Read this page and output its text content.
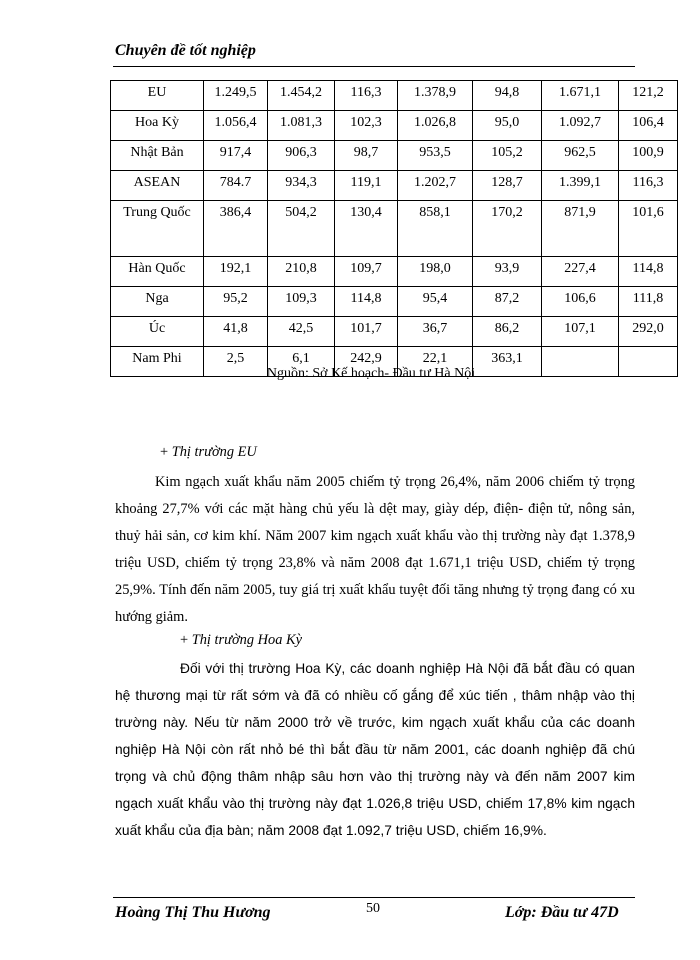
Chuyên đề tốt nghiệp
EU	1.249,5	1.454,2	116,3	1.378,9	94,8	1.671,1	121,2
Hoa Kỳ	1.056,4	1.081,3	102,3	1.026,8	95,0	1.092,7	106,4
Nhật Bản	917,4	906,3	98,7	953,5	105,2	962,5	100,9
ASEAN	784.7	934,3	119,1	1.202,7	128,7	1.399,1	116,3
Trung Quốc	386,4	504,2	130,4	858,1	170,2	871,9	101,6
Hàn Quốc	192,1	210,8	109,7	198,0	93,9	227,4	114,8
Nga	95,2	109,3	114,8	95,4	87,2	106,6	111,8
Úc	41,8	42,5	101,7	36,7	86,2	107,1	292,0
Nam Phi	2,5	6,1	242,9	22,1	363,1		
Nguồn: Sở Kế hoạch- Đầu tư Hà Nội
+ Thị trường EU
Kim ngạch xuất khẩu năm 2005 chiếm tỷ trọng 26,4%, năm 2006 chiếm tỷ trọng khoảng 27,7% với các mặt hàng chủ yếu là dệt may, giày dép, điện- điện tử, nông sản, thuỷ hải sản, cơ kim khí. Năm 2007 kim ngạch xuất khẩu vào thị trường này đạt 1.378,9 triệu USD, chiếm tỷ trọng 23,8% và năm 2008 đạt 1.671,1 triệu USD, chiếm tỷ trọng 25,9%. Tính đến năm 2005, tuy giá trị xuất khẩu tuyệt đối tăng nhưng tỷ trọng đang có xu hướng giảm.
+ Thị trường Hoa Kỳ
Đối với thị trường Hoa Kỳ, các doanh nghiệp Hà Nội đã bắt đầu có quan hệ thương mại từ rất sớm và đã có nhiều cố gắng để xúc tiến , thâm nhập vào thị trường này. Nếu từ năm 2000 trở về trước, kim ngạch xuất khẩu của các doanh nghiệp Hà Nội còn rất nhỏ bé thì bắt đầu từ năm 2001, các doanh nghiệp đã chú trọng và chủ động thâm nhập sâu hơn vào thị trường này và đến năm 2007 kim ngạch xuất khẩu vào thị trường này đạt 1.026,8 triệu USD, chiếm 17,8% kim ngạch xuất khẩu của địa bàn; năm 2008 đạt 1.092,7 triệu USD, chiếm 16,9%.
Hoàng Thị Thu Hương	50	Lớp: Đầu tư 47D
